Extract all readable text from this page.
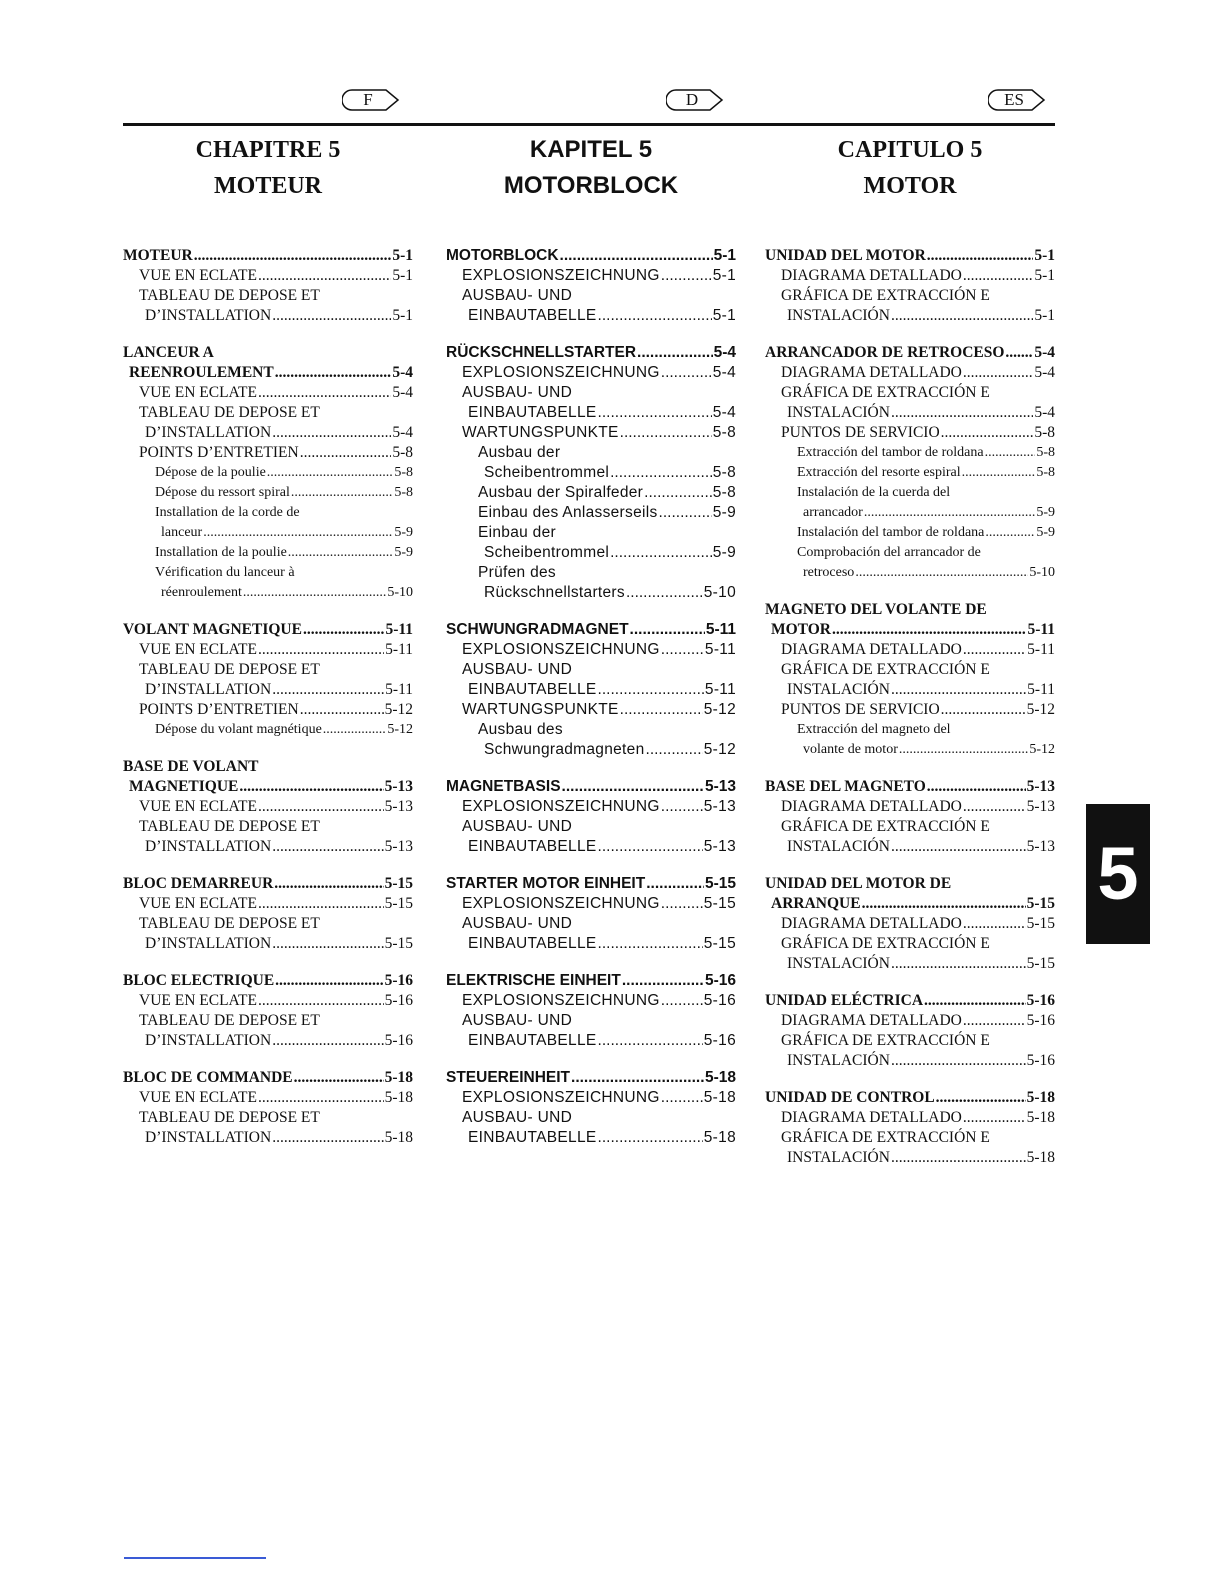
F	D	ES
CHAPITRE 5
MOTEUR
MOTEUR .....	5-1
VUE EN ECLATE .....	5-1
TABLEAU DE DEPOSE ET
D’INSTALLATION .....	5-1
LANCEUR A
REENROULEMENT .....	5-4
VUE EN ECLATE .....	5-4
TABLEAU DE DEPOSE ET
D’INSTALLATION .....	5-4
POINTS D’ENTRETIEN .....	5-8
Dépose de la poulie .....	5-8
Dépose du ressort spiral .....	5-8
Installation de la corde de
lanceur .....	5-9
Installation de la poulie .....	5-9
Vérification du lanceur à
réenroulement .....	5-10
VOLANT MAGNETIQUE .....	5-11
VUE EN ECLATE .....	5-11
TABLEAU DE DEPOSE ET
D’INSTALLATION .....	5-11
POINTS D’ENTRETIEN .....	5-12
Dépose du volant magnétique .....	5-12
BASE DE VOLANT
MAGNETIQUE .....	5-13
VUE EN ECLATE .....	5-13
TABLEAU DE DEPOSE ET
D’INSTALLATION .....	5-13
BLOC DEMARREUR .....	5-15
VUE EN ECLATE .....	5-15
TABLEAU DE DEPOSE ET
D’INSTALLATION .....	5-15
BLOC ELECTRIQUE .....	5-16
VUE EN ECLATE .....	5-16
TABLEAU DE DEPOSE ET
D’INSTALLATION .....	5-16
BLOC DE COMMANDE .....	5-18
VUE EN ECLATE .....	5-18
TABLEAU DE DEPOSE ET
D’INSTALLATION .....	5-18
KAPITEL 5
MOTORBLOCK
MOTORBLOCK .....	5-1
EXPLOSIONSZEICHNUNG .....	5-1
AUSBAU- UND
EINBAUTABELLE .....	5-1
RÜCKSCHNELLSTARTER .....	5-4
EXPLOSIONSZEICHNUNG .....	5-4
AUSBAU- UND
EINBAUTABELLE .....	5-4
WARTUNGSPUNKTE .....	5-8
Ausbau der
Scheibentrommel .....	5-8
Ausbau der Spiralfeder .....	5-8
Einbau des Anlasserseils .....	5-9
Einbau der
Scheibentrommel .....	5-9
Prüfen des
Rückschnellstarters .....	5-10
SCHWUNGRADMAGNET .....	5-11
EXPLOSIONSZEICHNUNG .....	5-11
AUSBAU- UND
EINBAUTABELLE .....	5-11
WARTUNGSPUNKTE .....	5-12
Ausbau des
Schwungradmagneten .....	5-12
MAGNETBASIS .....	5-13
EXPLOSIONSZEICHNUNG .....	5-13
AUSBAU- UND
EINBAUTABELLE .....	5-13
STARTER MOTOR EINHEIT .....	5-15
EXPLOSIONSZEICHNUNG .....	5-15
AUSBAU- UND
EINBAUTABELLE .....	5-15
ELEKTRISCHE EINHEIT .....	5-16
EXPLOSIONSZEICHNUNG .....	5-16
AUSBAU- UND
EINBAUTABELLE .....	5-16
STEUEREINHEIT .....	5-18
EXPLOSIONSZEICHNUNG .....	5-18
AUSBAU- UND
EINBAUTABELLE .....	5-18
CAPITULO 5
MOTOR
UNIDAD DEL MOTOR .....	5-1
DIAGRAMA DETALLADO .....	5-1
GRÁFICA DE EXTRACCIÓN E
INSTALACIÓN .....	5-1
ARRANCADOR DE RETROCESO ..... 5-4
DIAGRAMA DETALLADO .....	5-4
GRÁFICA DE EXTRACCIÓN E
INSTALACIÓN .....	5-4
PUNTOS DE SERVICIO .....	5-8
Extracción del tambor de roldana .....	5-8
Extracción del resorte espiral .....	5-8
Instalación de la cuerda del
arrancador .....	5-9
Instalación del tambor de roldana .....	5-9
Comprobación del arrancador de
retroceso .....	5-10
MAGNETO DEL VOLANTE DE
MOTOR .....	5-11
DIAGRAMA DETALLADO .....	5-11
GRÁFICA DE EXTRACCIÓN E
INSTALACIÓN .....	5-11
PUNTOS DE SERVICIO .....	5-12
Extracción del magneto del
volante de motor .....	5-12
BASE DEL MAGNETO .....	5-13
DIAGRAMA DETALLADO .....	5-13
GRÁFICA DE EXTRACCIÓN E
INSTALACIÓN .....	5-13
UNIDAD DEL MOTOR DE
ARRANQUE .....	5-15
DIAGRAMA DETALLADO .....	5-15
GRÁFICA DE EXTRACCIÓN E
INSTALACIÓN .....	5-15
UNIDAD ELÉCTRICA .....	5-16
DIAGRAMA DETALLADO .....	5-16
GRÁFICA DE EXTRACCIÓN E
INSTALACIÓN .....	5-16
UNIDAD DE CONTROL .....	5-18
DIAGRAMA DETALLADO .....	5-18
GRÁFICA DE EXTRACCIÓN E
INSTALACIÓN .....	5-18
5
